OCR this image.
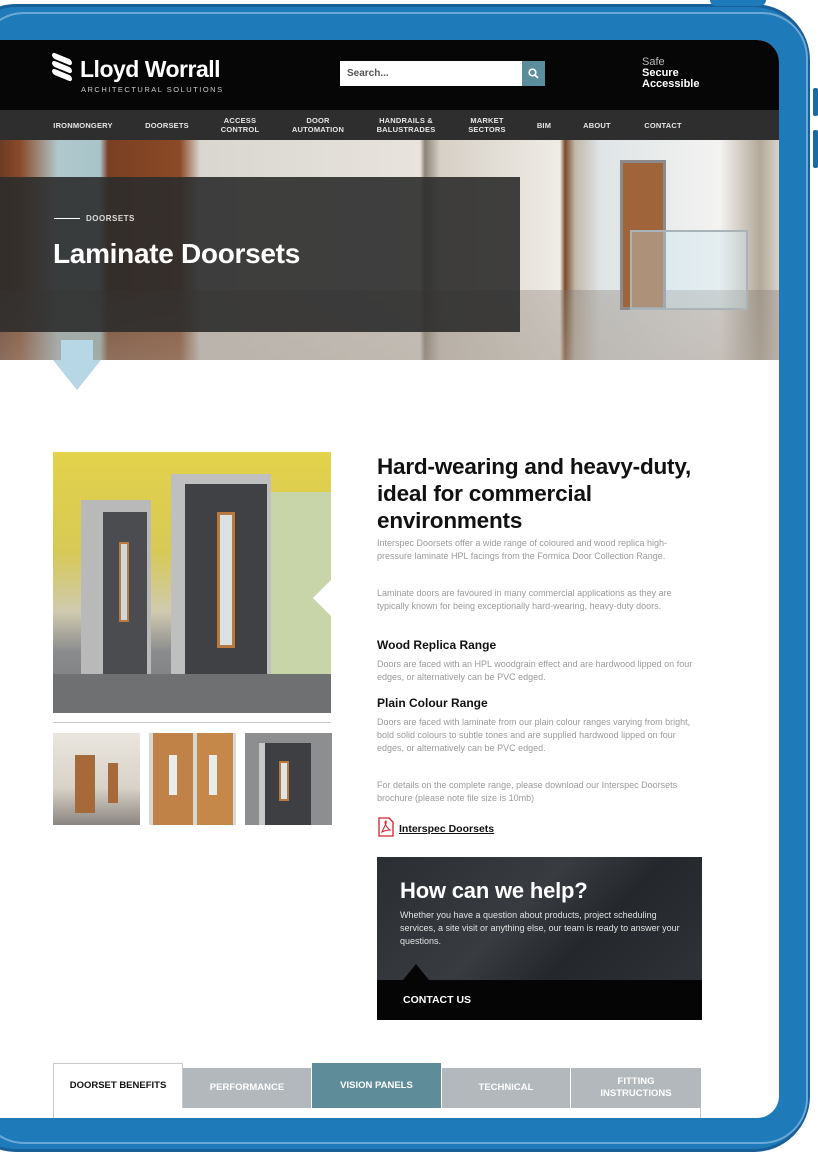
Lloyd Worrall
ARCHITECTURAL SOLUTIONS
Search...
Safe
Secure
Accessible
IRONMONGERY	DOORSETS	ACCESS
CONTROL
DOOR
AUTOMATION
HANDRAILS &
BALUSTRADES
MARKET
SECTORS	BIM	ABOUT	CONTACT
DOORSETS
Laminate Doorsets
Hard-wearing and heavy-duty, ideal for commercial environments
Interspec Doorsets offer a wide range of coloured and wood replica high-pressure laminate HPL facings from the Formica Door Collection Range.
Laminate doors are favoured in many commercial applications as they are typically known for being exceptionally hard-wearing, heavy-duty doors.
Wood Replica Range
Doors are faced with an HPL woodgrain effect and are hardwood lipped on four edges, or alternatively can be PVC edged.
Plain Colour Range
Doors are faced with laminate from our plain colour ranges varying from bright, bold solid colours to subtle tones and are supplied hardwood lipped on four edges, or alternatively can be PVC edged.
For details on the complete range, please download our Interspec Doorsets brochure (please note file size is 10mb)
Interspec Doorsets
How can we help?
Whether you have a question about products, project scheduling services, a site visit or anything else, our team is ready to answer your questions.
CONTACT US
DOORSET BENEFITS	PERFORMANCE	VISION PANELS	TECHNICAL
FITTING
INSTRUCTIONS
